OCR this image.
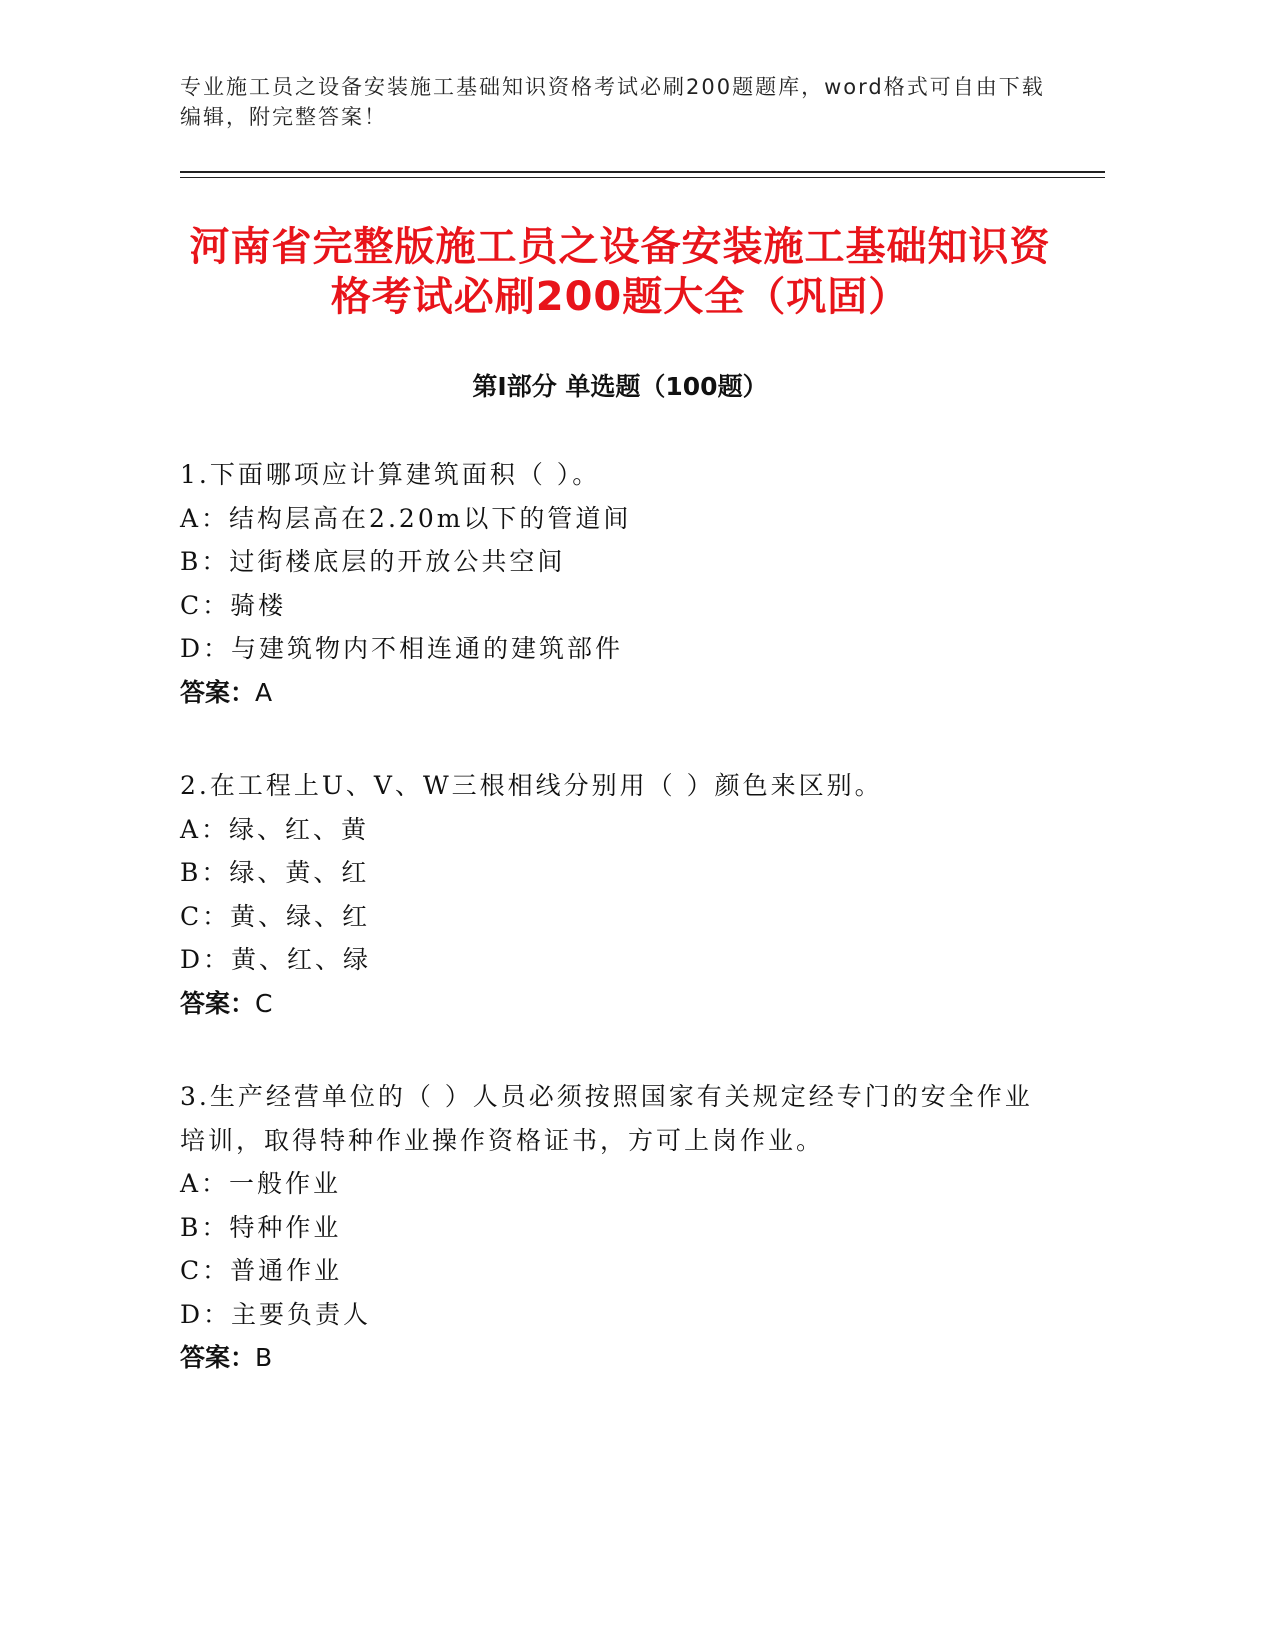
专业施工员之设备安装施工基础知识资格考试必刷200题题库，word格式可自由下载编辑，附完整答案！
河南省完整版施工员之设备安装施工基础知识资格考试必刷200题大全（巩固）
第Ⅰ部分 单选题（100题）
1.下面哪项应计算建筑面积（ ）。
A：结构层高在2.20m以下的管道间
B：过街楼底层的开放公共空间
C：骑楼
D：与建筑物内不相连通的建筑部件
答案：A
2.在工程上U、V、W三根相线分别用（ ）颜色来区别。
A：绿、红、黄
B：绿、黄、红
C：黄、绿、红
D：黄、红、绿
答案：C
3.生产经营单位的（ ）人员必须按照国家有关规定经专门的安全作业培训，取得特种作业操作资格证书，方可上岗作业。
A：一般作业
B：特种作业
C：普通作业
D：主要负责人
答案：B
